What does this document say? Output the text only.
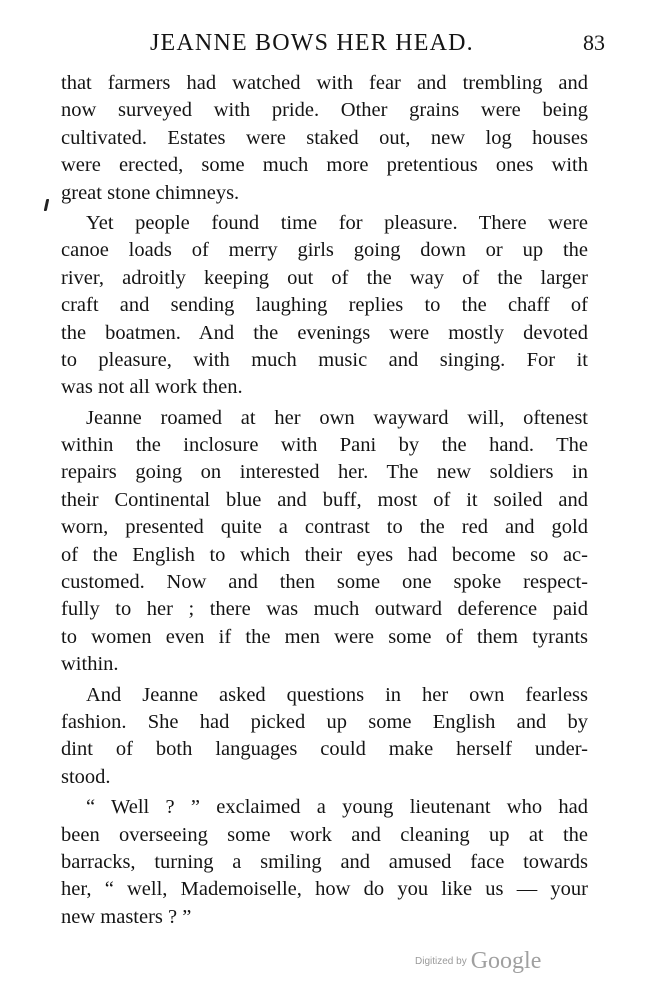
JEANNE BOWS HER HEAD.	83
that farmers had watched with fear and trembling and
now surveyed with pride. Other grains were being
cultivated. Estates were staked out, new log houses
were erected, some much more pretentious ones with
great stone chimneys.
Yet people found time for pleasure. There were
canoe loads of merry girls going down or up the
river, adroitly keeping out of the way of the larger
craft and sending laughing replies to the chaff of
the boatmen. And the evenings were mostly devoted
to pleasure, with much music and singing. For it
was not all work then.
Jeanne roamed at her own wayward will, oftenest
within the inclosure with Pani by the hand. The
repairs going on interested her. The new soldiers in
their Continental blue and buff, most of it soiled and
worn, presented quite a contrast to the red and gold
of the English to which their eyes had become so ac-
customed. Now and then some one spoke respect-
fully to her ; there was much outward deference paid
to women even if the men were some of them tyrants
within.
And Jeanne asked questions in her own fearless
fashion. She had picked up some English and by
dint of both languages could make herself under-
stood.
“ Well ? ” exclaimed a young lieutenant who had
been overseeing some work and cleaning up at the
barracks, turning a smiling and amused face towards
her, “ well, Mademoiselle, how do you like us — your
new masters ? ”
Digitized by Google
